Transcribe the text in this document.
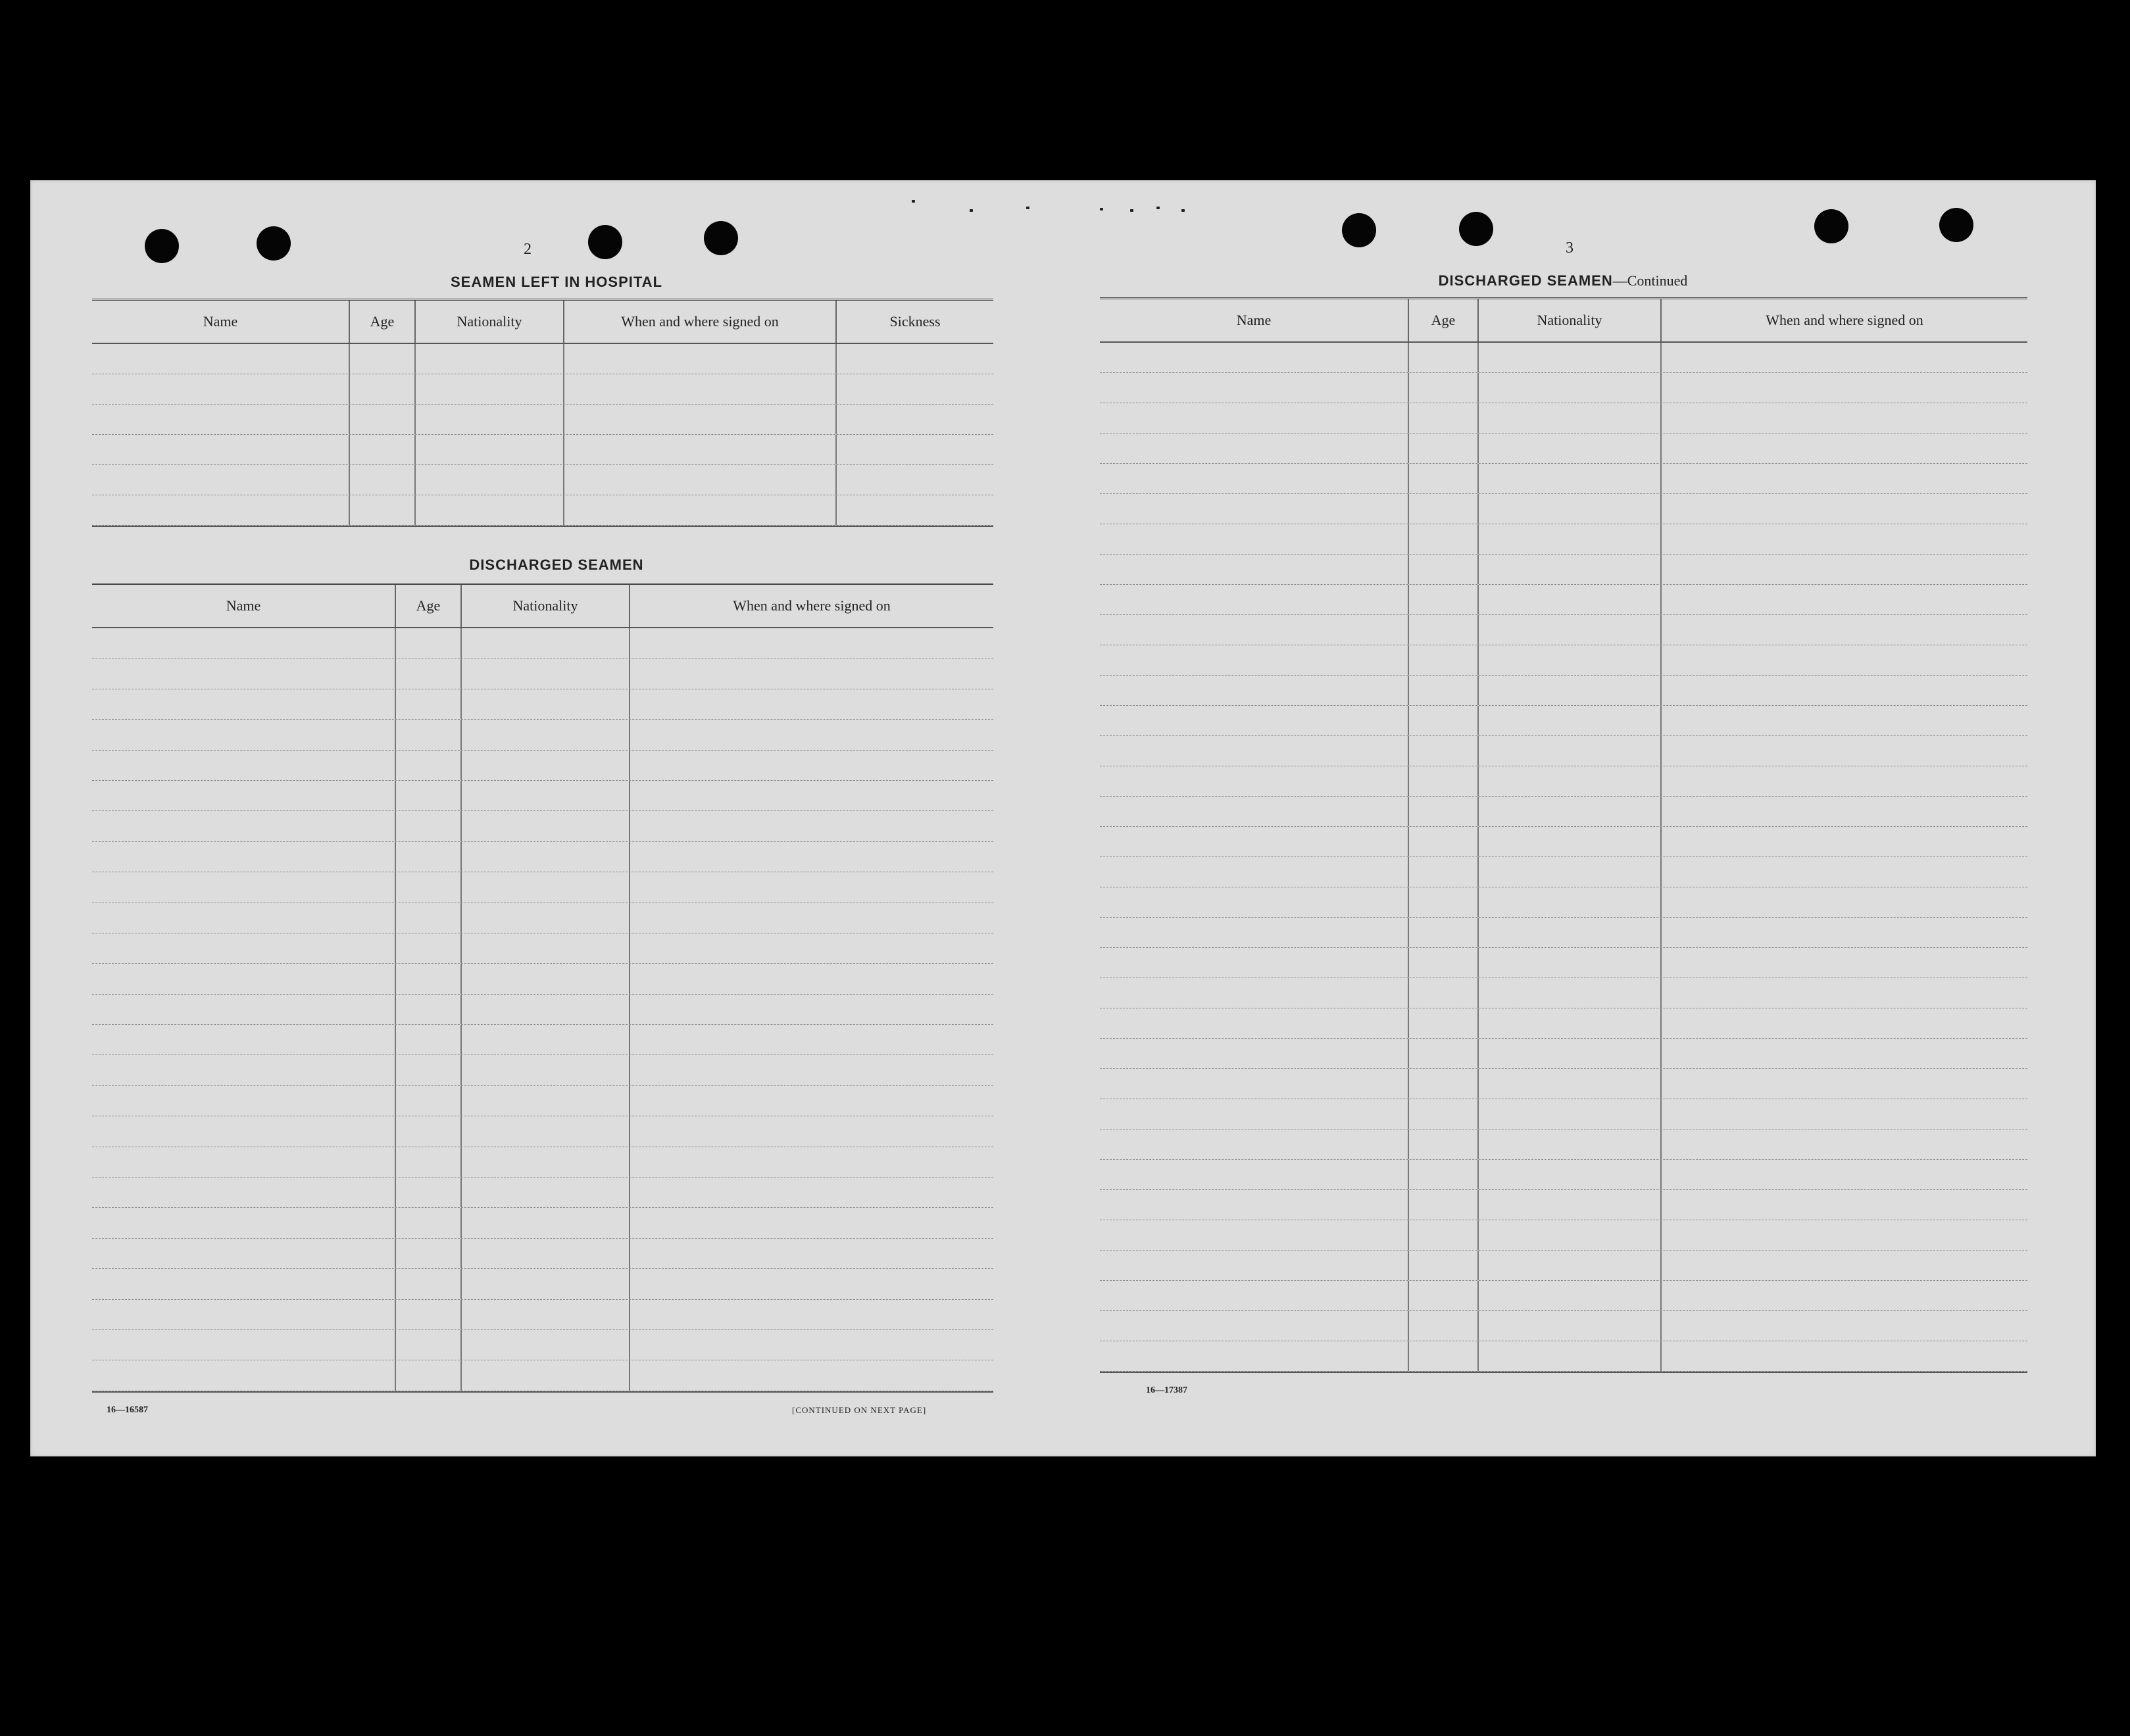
2
SEAMEN LEFT IN HOSPITAL
Name	Age	Nationality	When and where signed on	Sickness
DISCHARGED SEAMEN
Name	Age	Nationality	When and where signed on
16—16587	[CONTINUED ON NEXT PAGE]
3
DISCHARGED SEAMEN—Continued
Name	Age	Nationality	When and where signed on
16—17387
